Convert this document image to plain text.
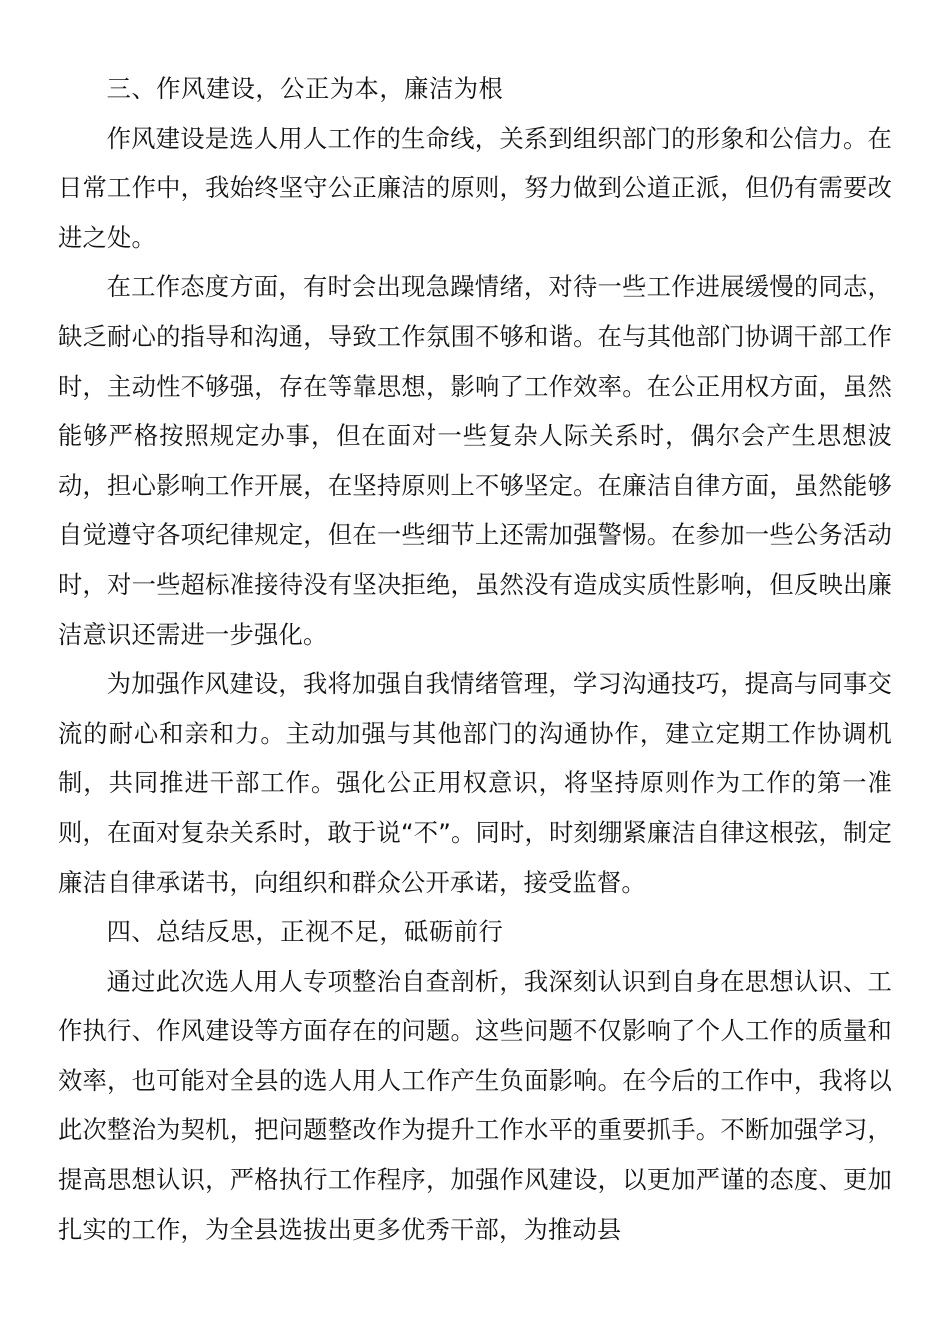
三、作风建设，公正为本，廉洁为根

作风建设是选人用人工作的生命线，关系到组织部门的形象和公信力。在日常工作中，我始终坚守公正廉洁的原则，努力做到公道正派，但仍有需要改进之处。

在工作态度方面，有时会出现急躁情绪，对待一些工作进展缓慢的同志，缺乏耐心的指导和沟通，导致工作氛围不够和谐。在与其他部门协调干部工作时，主动性不够强，存在等靠思想，影响了工作效率。在公正用权方面，虽然能够严格按照规定办事，但在面对一些复杂人际关系时，偶尔会产生思想波动，担心影响工作开展，在坚持原则上不够坚定。在廉洁自律方面，虽然能够自觉遵守各项纪律规定，但在一些细节上还需加强警惕。在参加一些公务活动时，对一些超标准接待没有坚决拒绝，虽然没有造成实质性影响，但反映出廉洁意识还需进一步强化。

为加强作风建设，我将加强自我情绪管理，学习沟通技巧，提高与同事交流的耐心和亲和力。主动加强与其他部门的沟通协作，建立定期工作协调机制，共同推进干部工作。强化公正用权意识，将坚持原则作为工作的第一准则，在面对复杂关系时，敢于说“不”。同时，时刻绷紧廉洁自律这根弦，制定廉洁自律承诺书，向组织和群众公开承诺，接受监督。

四、总结反思，正视不足，砥砺前行

通过此次选人用人专项整治自查剖析，我深刻认识到自身在思想认识、工作执行、作风建设等方面存在的问题。这些问题不仅影响了个人工作的质量和效率，也可能对全县的选人用人工作产生负面影响。在今后的工作中，我将以此次整治为契机，把问题整改作为提升工作水平的重要抓手。不断加强学习，提高思想认识，严格执行工作程序，加强作风建设，以更加严谨的态度、更加扎实的工作，为全县选拔出更多优秀干部，为推动县
